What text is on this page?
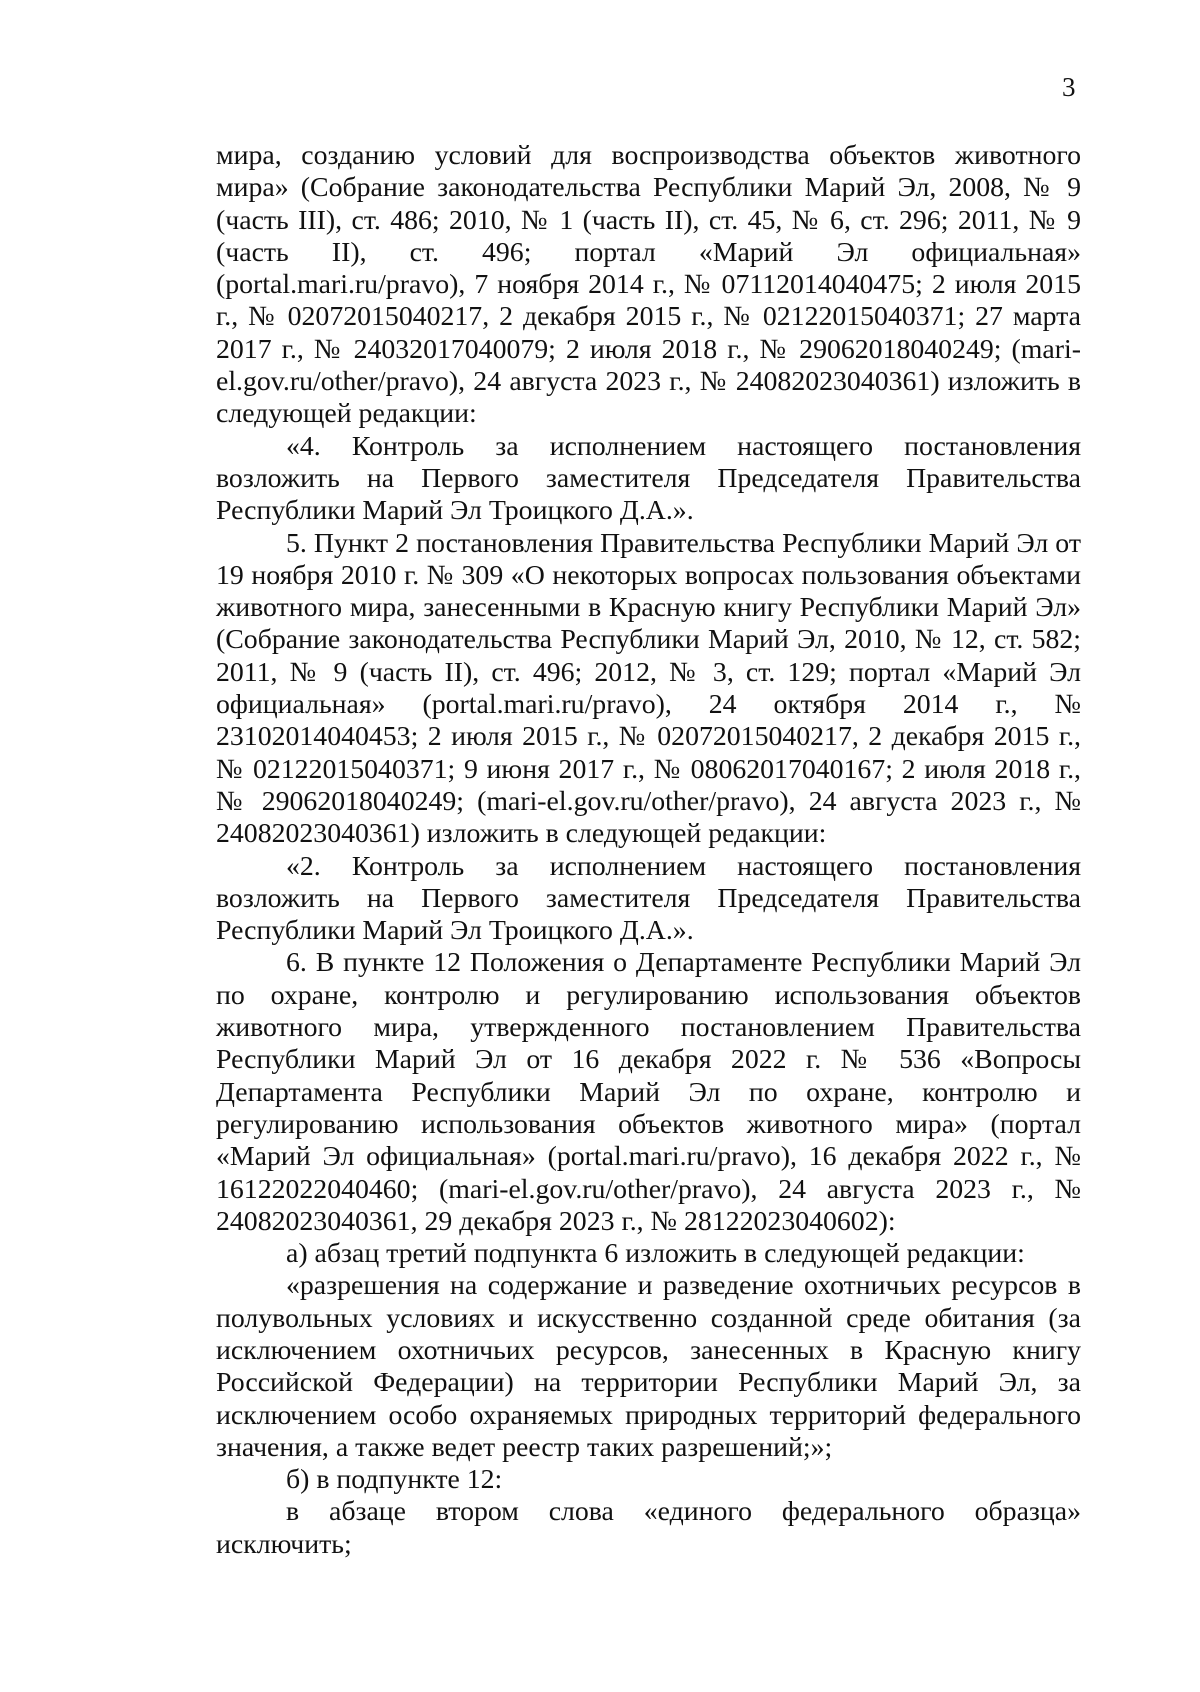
3

мира, созданию условий для воспроизводства объектов животного мира» (Собрание законодательства Республики Марий Эл, 2008, № 9 (часть III), ст. 486; 2010, № 1 (часть II), ст. 45, № 6, ст. 296; 2011, № 9 (часть II), ст. 496; портал «Марий Эл официальная» (portal.mari.ru/pravo), 7 ноября 2014 г., № 07112014040475; 2 июля 2015 г., № 02072015040217, 2 декабря 2015 г., № 02122015040371; 27 марта 2017 г., № 24032017040079; 2 июля 2018 г., № 29062018040249; (mari-el.gov.ru/other/pravo), 24 августа 2023 г., № 24082023040361) изложить в следующей редакции:

«4. Контроль за исполнением настоящего постановления возложить на Первого заместителя Председателя Правительства Республики Марий Эл Троицкого Д.А.».

5. Пункт 2 постановления Правительства Республики Марий Эл от 19 ноября 2010 г. № 309 «О некоторых вопросах пользования объектами животного мира, занесенными в Красную книгу Республики Марий Эл» (Собрание законодательства Республики Марий Эл, 2010, № 12, ст. 582; 2011, № 9 (часть II), ст. 496; 2012, № 3, ст. 129; портал «Марий Эл официальная» (portal.mari.ru/pravo), 24 октября 2014 г., № 23102014040453; 2 июля 2015 г., № 02072015040217, 2 декабря 2015 г., № 02122015040371; 9 июня 2017 г., № 08062017040167; 2 июля 2018 г., № 29062018040249; (mari-el.gov.ru/other/pravo), 24 августа 2023 г., № 24082023040361) изложить в следующей редакции:

«2. Контроль за исполнением настоящего постановления возложить на Первого заместителя Председателя Правительства Республики Марий Эл Троицкого Д.А.».

6. В пункте 12 Положения о Департаменте Республики Марий Эл по охране, контролю и регулированию использования объектов животного мира, утвержденного постановлением Правительства Республики Марий Эл от 16 декабря 2022 г. № 536 «Вопросы Департамента Республики Марий Эл по охране, контролю и регулированию использования объектов животного мира» (портал «Марий Эл официальная» (portal.mari.ru/pravo), 16 декабря 2022 г., № 16122022040460; (mari-el.gov.ru/other/pravo), 24 августа 2023 г., № 24082023040361, 29 декабря 2023 г., № 28122023040602):

а) абзац третий подпункта 6 изложить в следующей редакции:

«разрешения на содержание и разведение охотничьих ресурсов в полувольных условиях и искусственно созданной среде обитания (за исключением охотничьих ресурсов, занесенных в Красную книгу Российской Федерации) на территории Республики Марий Эл, за исключением особо охраняемых природных территорий федерального значения, а также ведет реестр таких разрешений;»;

б) в подпункте 12:

в абзаце втором слова «единого федерального образца» исключить;
